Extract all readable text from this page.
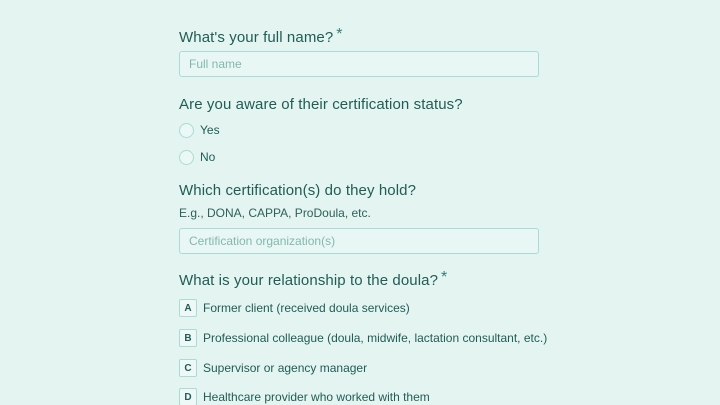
What's your full name? *

Full name

Are you aware of their certification status?

Yes
No

Which certification(s) do they hold?

E.g., DONA, CAPPA, ProDoula, etc.
Certification organization(s)

What is your relationship to the doula? *

A Former client (received doula services)
B Professional colleague (doula, midwife, lactation consultant, etc.)
C Supervisor or agency manager
D Healthcare provider who worked with them
